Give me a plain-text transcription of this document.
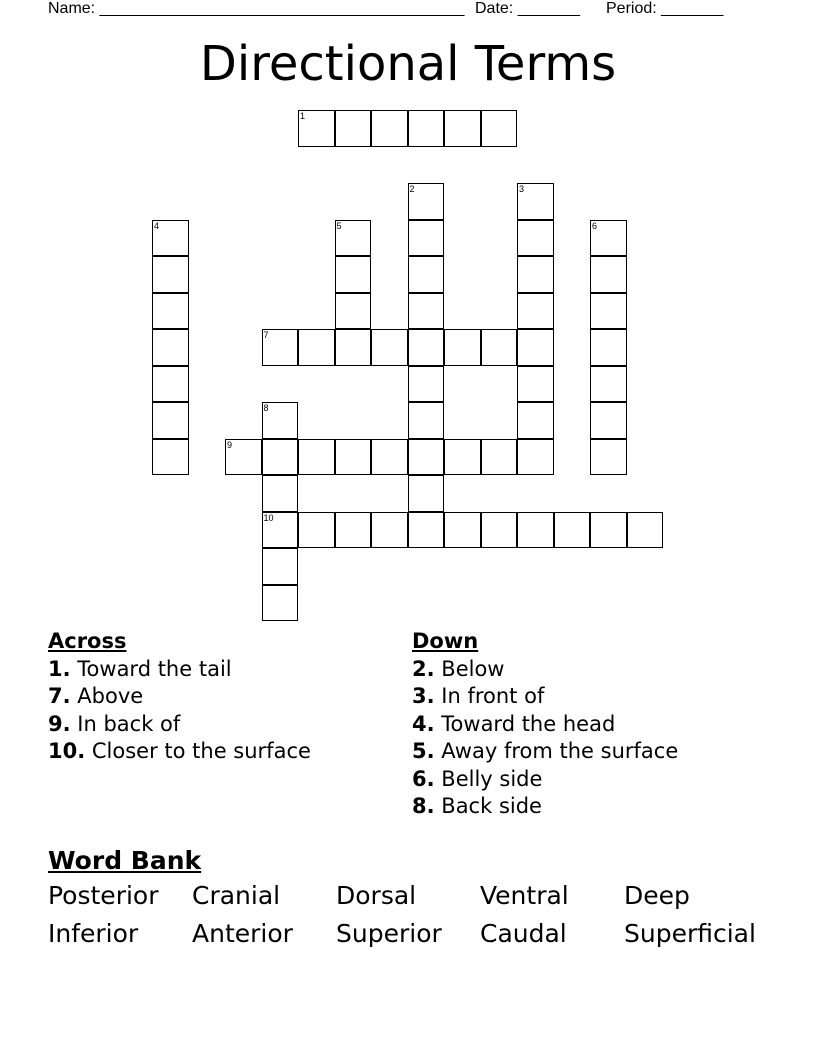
Name: _________________________________________ Date: _______ Period: _______
Directional Terms
1
2	3
4	5	6
7
8
10
9
Across
1. Toward the tail
7. Above
9. In back of
10. Closer to the surface
Down
2. Below
3. In front of
4. Toward the head
5. Away from the surface
6. Belly side
8. Back side
Word Bank
Posterior Cranial Dorsal	Ventral Deep
Inferior Anterior Superior Caudal Superficial
